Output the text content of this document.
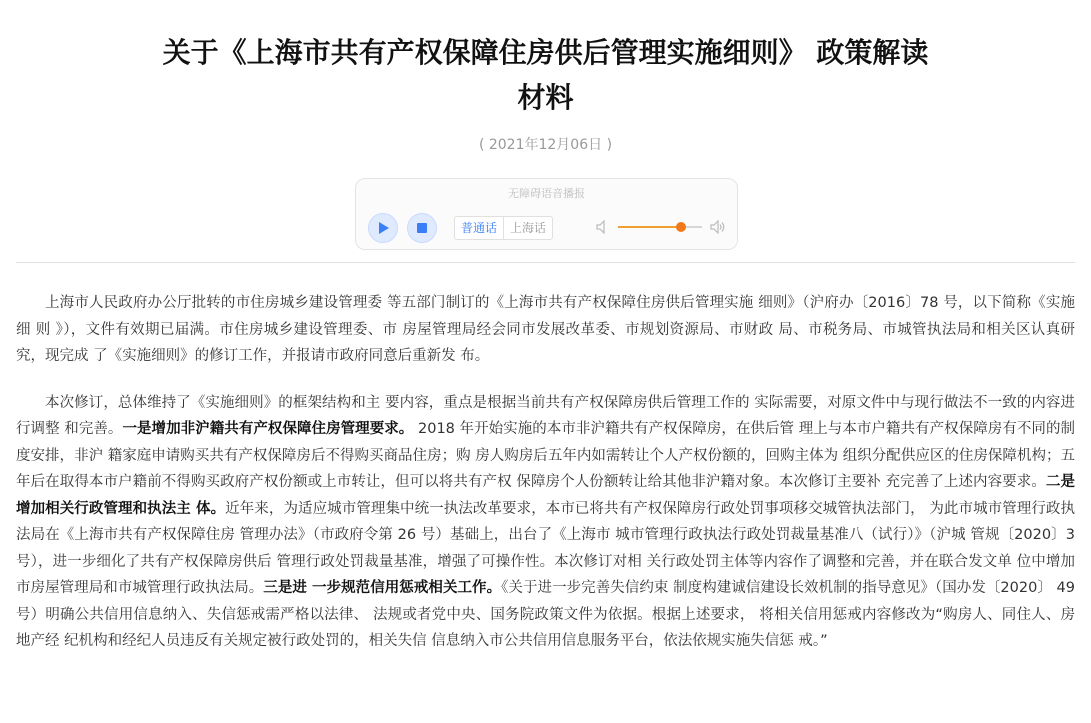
关于《上海市共有产权保障住房供后管理实施细则》 政策解读
材料
( 2021年12月06日 )
无障碍语音播报
普通话	上海话

上海市人民政府办公厅批转的市住房城乡建设管理委 等五部门制订的《上海市共有产权保障住房供后管理实施 细则》（沪府办〔2016〕78 号，以下简称《实施细 则 》），文件有效期已届满。市住房城乡建设管理委、市 房屋管理局经会同市发展改革委、市规划资源局、市财政 局、市税务局、市城管执法局和相关区认真研究，现完成 了《实施细则》的修订工作，并报请市政府同意后重新发 布。

本次修订，总体维持了《实施细则》的框架结构和主 要内容，重点是根据当前共有产权保障房供后管理工作的 实际需要，对原文件中与现行做法不一致的内容进行调整 和完善。一是增加非沪籍共有产权保障住房管理要求。 2018 年开始实施的本市非沪籍共有产权保障房，在供后管 理上与本市户籍共有产权保障房有不同的制度安排，非沪 籍家庭申请购买共有产权保障房后不得购买商品住房；购 房人购房后五年内如需转让个人产权份额的，回购主体为 组织分配供应区的住房保障机构；五年后在取得本市户籍前不得购买政府产权份额或上市转让，但可以将共有产权 保障房个人份额转让给其他非沪籍对象。本次修订主要补 充完善了上述内容要求。二是增加相关行政管理和执法主 体。近年来，为适应城市管理集中统一执法改革要求，本市已将共有产权保障房行政处罚事项移交城管执法部门， 为此市城市管理行政执法局在《上海市共有产权保障住房 管理办法》（市政府令第 26 号）基础上，出台了《上海市 城市管理行政执法行政处罚裁量基准八（试行）》（沪城 管规〔2020〕3 号），进一步细化了共有产权保障房供后 管理行政处罚裁量基准，增强了可操作性。本次修订对相 关行政处罚主体等内容作了调整和完善，并在联合发文单 位中增加市房屋管理局和市城管理行政执法局。三是进 一步规范信用惩戒相关工作。《关于进一步完善失信约束 制度构建诚信建设长效机制的指导意见》（国办发〔2020〕 49 号）明确公共信用信息纳入、失信惩戒需严格以法律、 法规或者党中央、国务院政策文件为依据。根据上述要求， 将相关信用惩戒内容修改为“购房人、同住人、房地产经 纪机构和经纪人员违反有关规定被行政处罚的，相关失信 信息纳入市公共信用信息服务平台，依法依规实施失信惩 戒。”
